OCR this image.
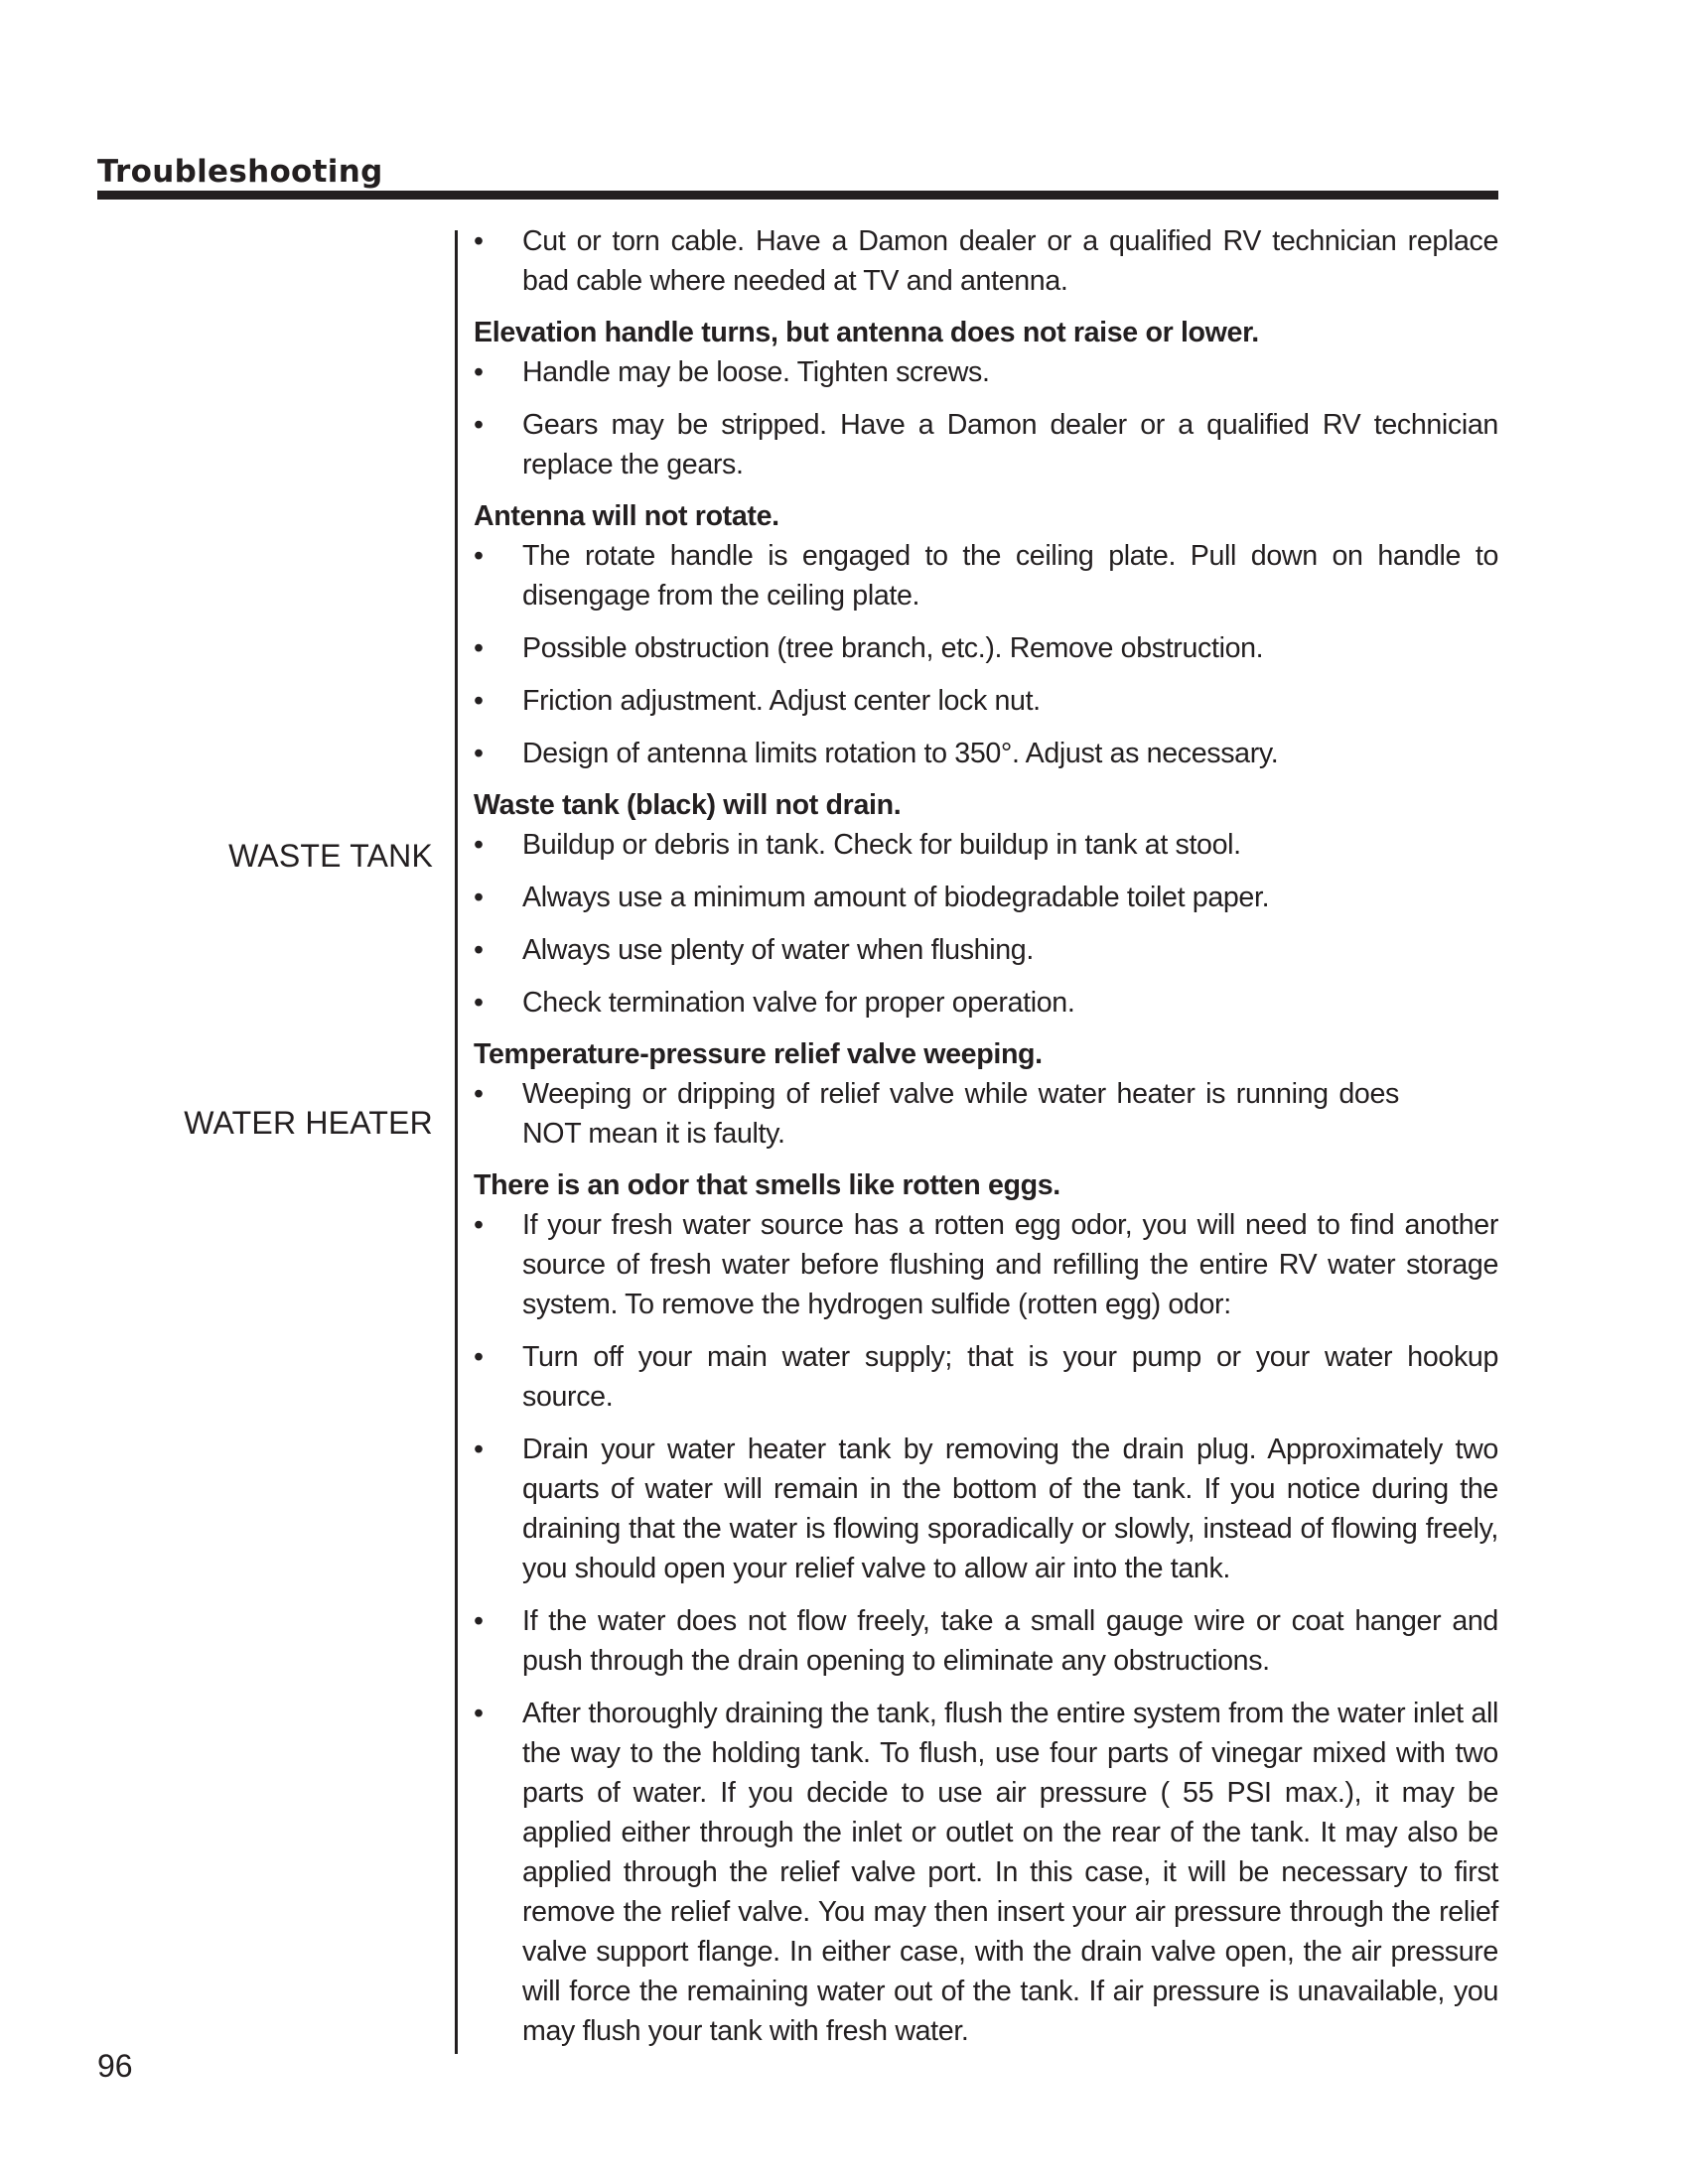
Troubleshooting
WASTE TANK
WATER HEATER
•	Cut or torn cable. Have a Damon dealer or a qualified RV technician replace bad cable where needed at TV and antenna.
Elevation handle turns, but antenna does not raise or lower.
•	Handle may be loose. Tighten screws.
•	Gears may be stripped. Have a Damon dealer or a qualified RV technician replace the gears.
Antenna will not rotate.
•	The rotate handle is engaged to the ceiling plate. Pull down on handle to disengage from the ceiling plate.
•	Possible obstruction (tree branch, etc.). Remove obstruction.
•	Friction adjustment. Adjust center lock nut.
•	Design of antenna limits rotation to 350°. Adjust as necessary.
Waste tank (black) will not drain.
•	Buildup or debris in tank. Check for buildup in tank at stool.
•	Always use a minimum amount of biodegradable toilet paper.
•	Always use plenty of water when flushing.
•	Check termination valve for proper operation.
Temperature-pressure relief valve weeping.
•	Weeping or dripping of relief valve while water heater is running does NOT mean it is faulty.
There is an odor that smells like rotten eggs.
•	If your fresh water source has a rotten egg odor, you will need to find another source of fresh water before flushing and refilling the entire RV water storage system. To remove the hydrogen sulfide (rotten egg) odor:
•	Turn off your main water supply; that is your pump or your water hookup source.
•	Drain your water heater tank by removing the drain plug. Approximately two quarts of water will remain in the bottom of the tank. If you notice during the draining that the water is flowing sporadically or slowly, instead of flowing freely, you should open your relief valve to allow air into the tank.
•	If the water does not flow freely, take a small gauge wire or coat hanger and push through the drain opening to eliminate any obstructions.
•	After thoroughly draining the tank, flush the entire system from the water inlet all the way to the holding tank. To flush, use four parts of vinegar mixed with two parts of water. If you decide to use air pressure ( 55 PSI max.), it may be applied either through the inlet or outlet on the rear of the tank. It may also be applied through the relief valve port. In this case, it will be necessary to first remove the relief valve. You may then insert your air pressure through the relief valve support flange. In either case, with the drain valve open, the air pressure will force the remaining water out of the tank. If air pressure is unavailable, you may flush your tank with fresh water.
96
